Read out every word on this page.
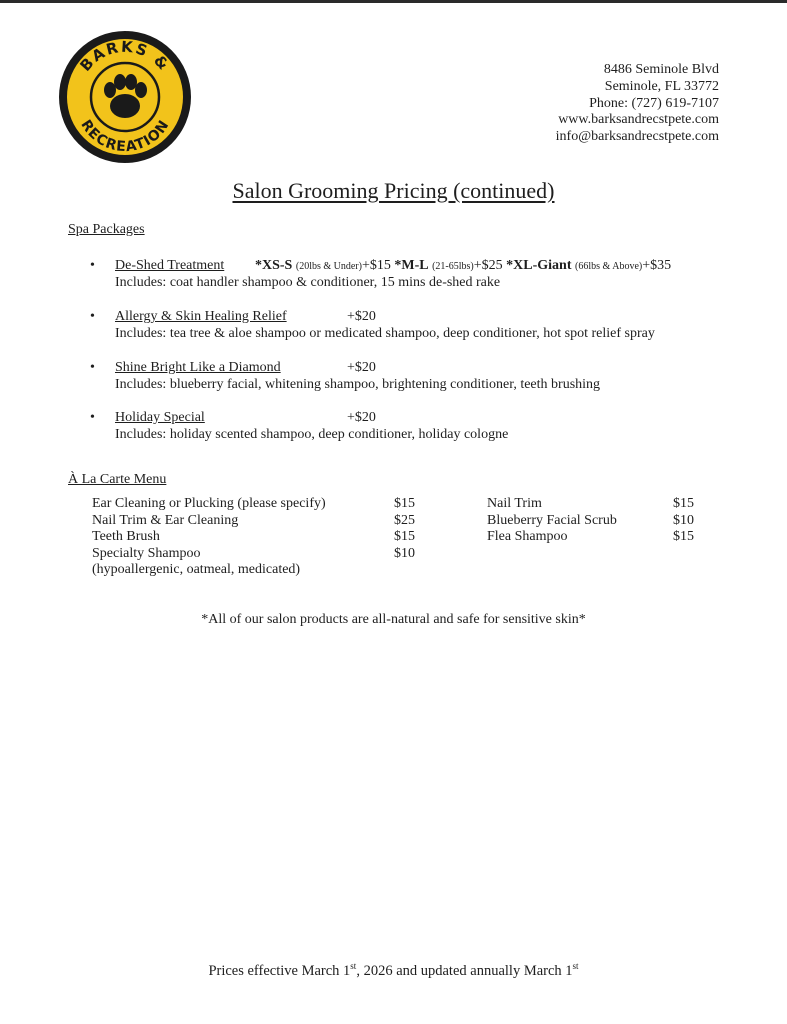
BARKS &
RECREATION
8486 Seminole Blvd
Seminole, FL 33772
Phone: (727) 619-7107
www.barksandrecstpete.com
info@barksandrecstpete.com
Salon Grooming Pricing (continued)
Spa Packages
• De-Shed Treatment *XS-S (20lbs & Under)+$15 *M-L (21-65lbs)+$25 *XL-Giant (66lbs & Above)+$35
Includes: coat handler shampoo & conditioner, 15 mins de-shed rake
• Allergy & Skin Healing Relief	+$20
Includes: tea tree & aloe shampoo or medicated shampoo, deep conditioner, hot spot relief spray
• Shine Bright Like a Diamond	+$20
Includes: blueberry facial, whitening shampoo, brightening conditioner, teeth brushing
• Holiday Special	+$20
Includes: holiday scented shampoo, deep conditioner, holiday cologne
À La Carte Menu
Ear Cleaning or Plucking (please specify)	$15
Nail Trim & Ear Cleaning	$25
Teeth Brush	$15
Specialty Shampoo	$10
(hypoallergenic, oatmeal, medicated)
Nail Trim	$15
Blueberry Facial Scrub	$10
Flea Shampoo	$15
*All of our salon products are all-natural and safe for sensitive skin*
Prices effective March 1st, 2026 and updated annually March 1st
